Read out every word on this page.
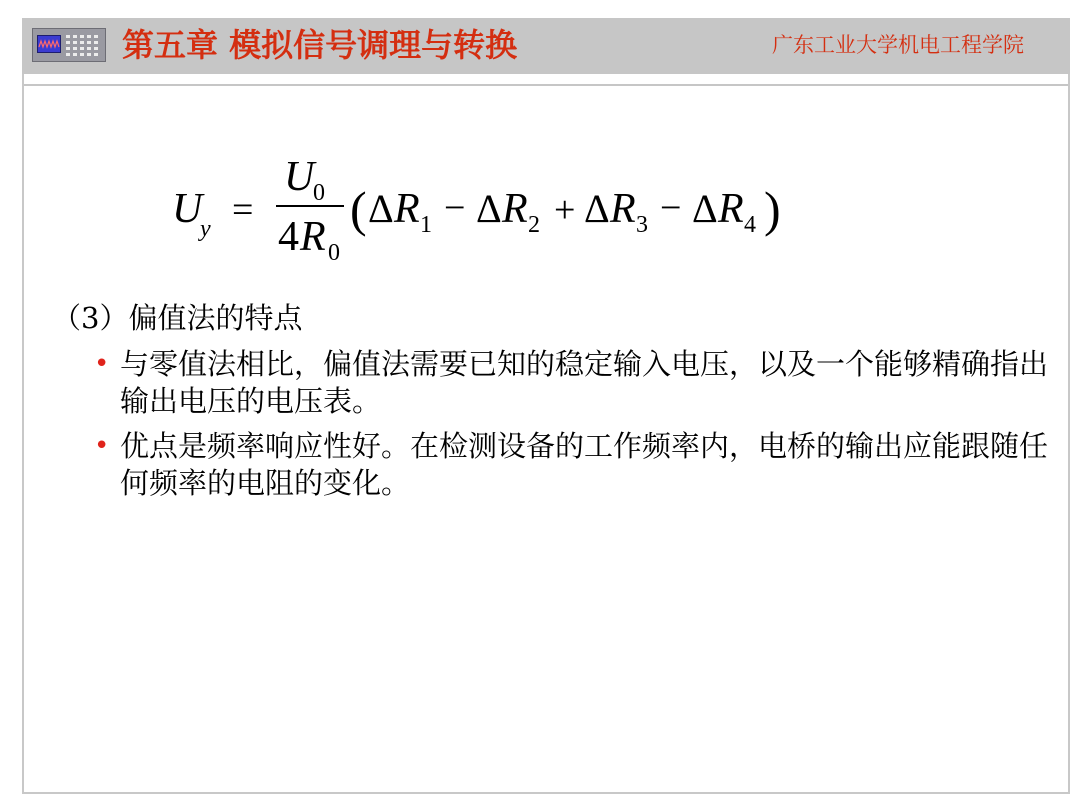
第五章 模拟信号调理与转换	广东工业大学机电工程学院
U
y =
U
0
4 R 0
( Δ R 1 − Δ R 2 + Δ R 3 − Δ R 4 )
（3）偏值法的特点
• 与零值法相比，偏值法需要已知的稳定输入电压，以及一个能够精确指出输出电压的电压表。
• 优点是频率响应性好。在检测设备的工作频率内，电桥的输出应能跟随任何频率的电阻的变化。
